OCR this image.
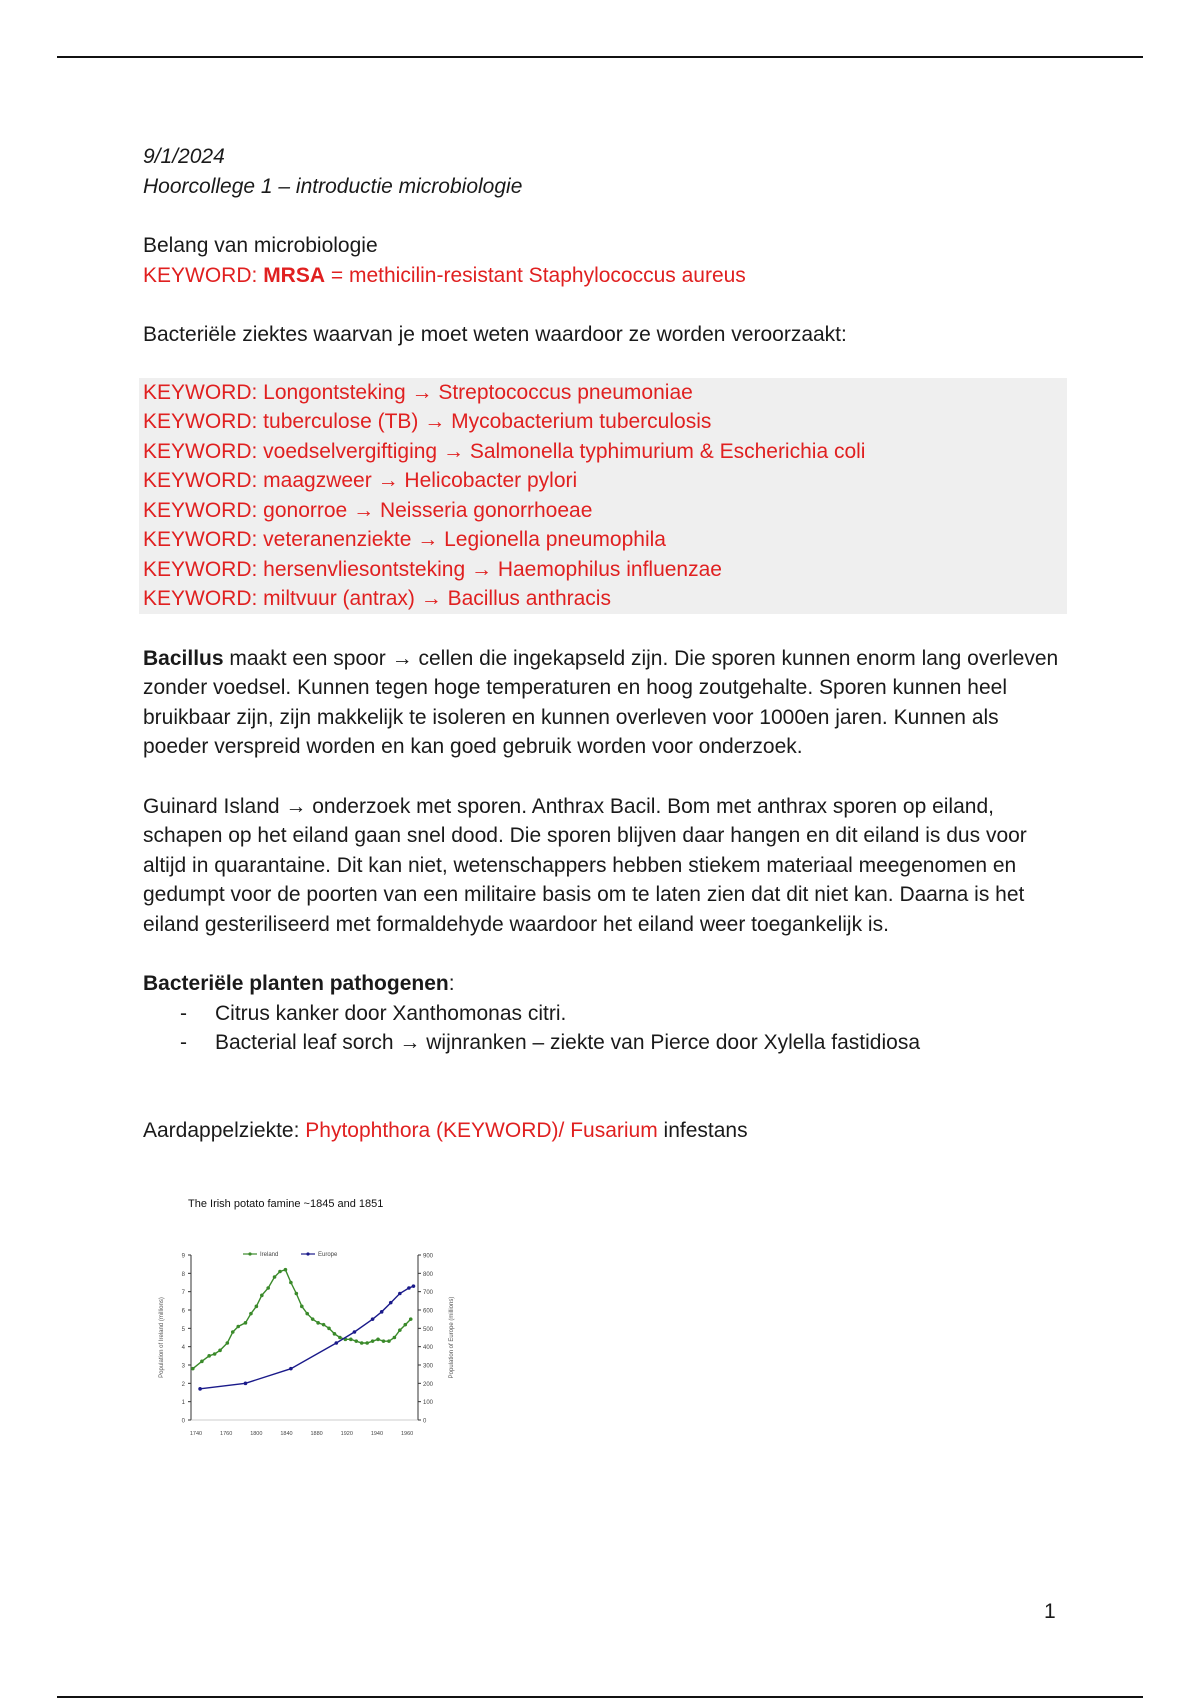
9/1/2024

Hoorcollege 1 – introductie microbiologie

Belang van microbiologie

KEYWORD: MRSA = methicilin-resistant Staphylococcus aureus

Bacteriële ziektes waarvan je moet weten waardoor ze worden veroorzaakt:

KEYWORD: Longontsteking → Streptococcus pneumoniae

KEYWORD: tuberculose (TB) → Mycobacterium tuberculosis

KEYWORD: voedselvergiftiging → Salmonella typhimurium & Escherichia coli

KEYWORD: maagzweer → Helicobacter pylori

KEYWORD: gonorroe → Neisseria gonorrhoeae

KEYWORD: veteranenziekte → Legionella pneumophila

KEYWORD: hersenvliesontsteking → Haemophilus influenzae

KEYWORD: miltvuur (antrax) → Bacillus anthracis

Bacillus maakt een spoor → cellen die ingekapseld zijn. Die sporen kunnen enorm lang overleven zonder voedsel. Kunnen tegen hoge temperaturen en hoog zoutgehalte. Sporen kunnen heel bruikbaar zijn, zijn makkelijk te isoleren en kunnen overleven voor 1000en jaren. Kunnen als poeder verspreid worden en kan goed gebruik worden voor onderzoek.

Guinard Island → onderzoek met sporen. Anthrax Bacil. Bom met anthrax sporen op eiland, schapen op het eiland gaan snel dood. Die sporen blijven daar hangen en dit eiland is dus voor altijd in quarantaine. Dit kan niet, wetenschappers hebben stiekem materiaal meegenomen en gedumpt voor de poorten van een militaire basis om te laten zien dat dit niet kan. Daarna is het eiland gesteriliseerd met formaldehyde waardoor het eiland weer toegankelijk is.

Bacteriële planten pathogenen:

- Citrus kanker door Xanthomonas citri.
- Bacterial leaf sorch → wijnranken – ziekte van Pierce door Xylella fastidiosa

Aardappelziekte: Phytophthora (KEYWORD)/ Fusarium infestans

The Irish potato famine ~1845 and 1851
0
1
2
3
4
5
6
7
8
9
0
100
200
300
400
500
600
700
800
900
1740	1760	1800	1840	1880	1920	1940	1960
Population of Ireland (millions)	Population of Europe (millions)
Ireland	Europe
1
